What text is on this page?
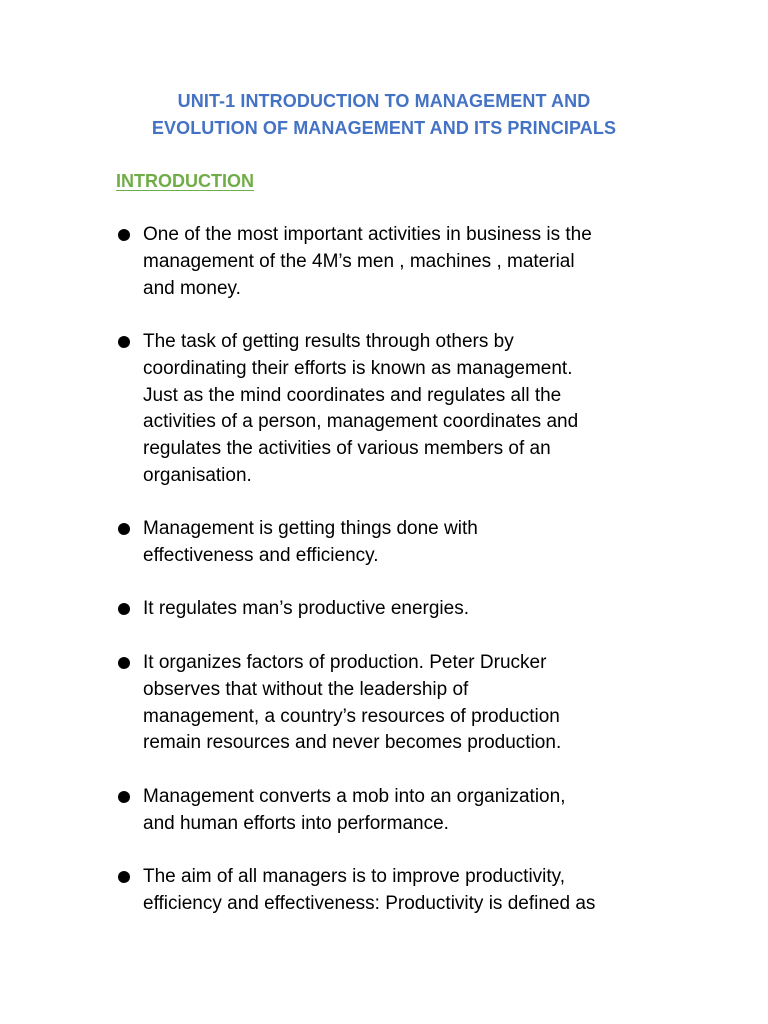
UNIT-1 INTRODUCTION TO MANAGEMENT AND
EVOLUTION OF MANAGEMENT AND ITS PRINCIPALS
INTRODUCTION
One of the most important activities in business is the
management of the 4M’s men , machines , material
and money.
The task of getting results through others by
coordinating their efforts is known as management.
Just as the mind coordinates and regulates all the
activities of a person, management coordinates and
regulates the activities of various members of an
organisation.
Management is getting things done with
effectiveness and efficiency.
It regulates man’s productive energies.
It organizes factors of production. Peter Drucker
observes that without the leadership of
management, a country’s resources of production
remain resources and never becomes production.
Management converts a mob into an organization,
and human efforts into performance.
The aim of all managers is to improve productivity,
efficiency and effectiveness: Productivity is defined as
